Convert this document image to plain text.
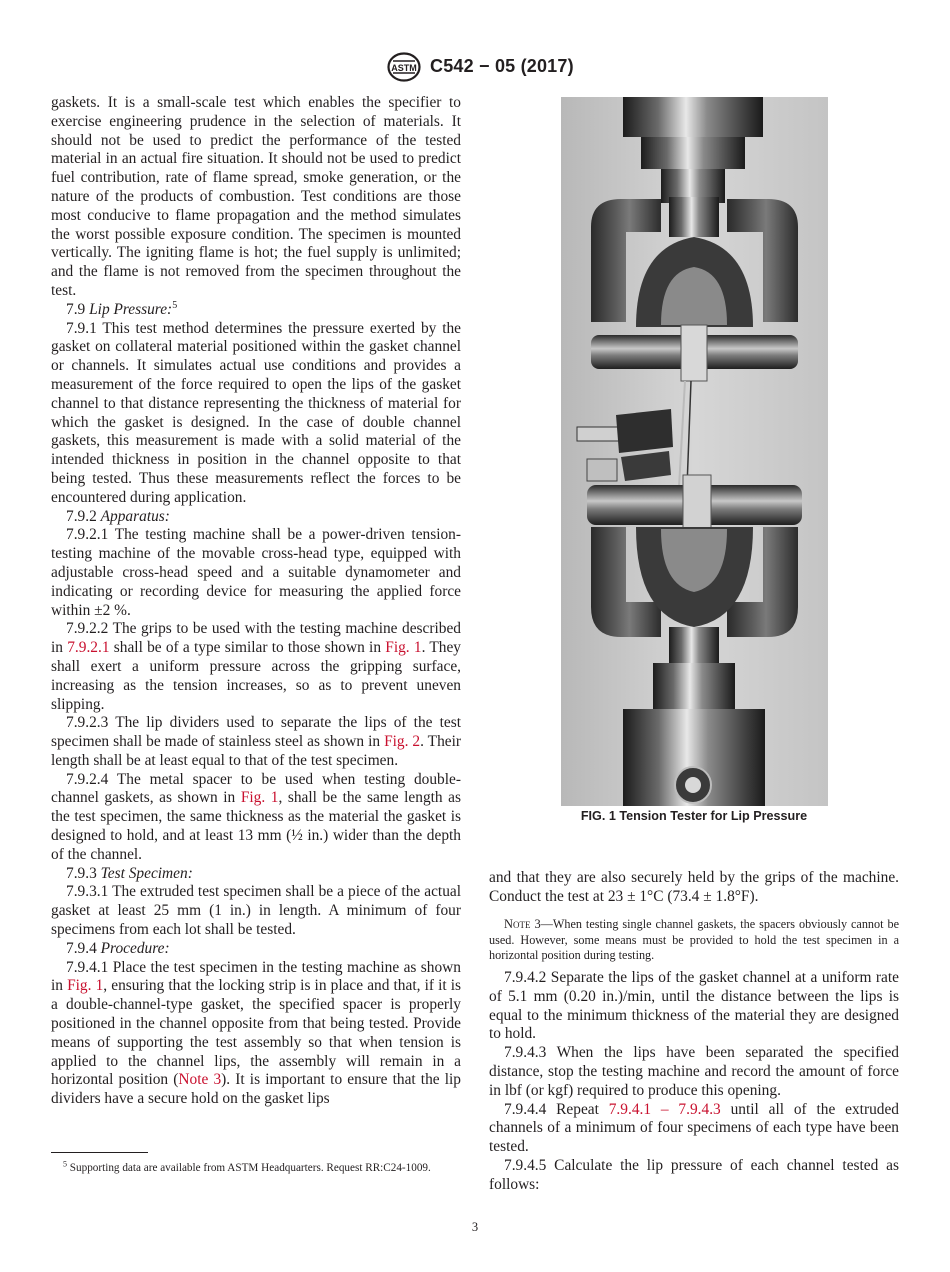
ASTM C542 − 05 (2017)

gaskets. It is a small-scale test which enables the specifier to exercise engineering prudence in the selection of materials. It should not be used to predict the performance of the tested material in an actual fire situation. It should not be used to predict fuel contribution, rate of flame spread, smoke generation, or the nature of the products of combustion. Test conditions are those most conducive to flame propagation and the method simulates the worst possible exposure condition. The specimen is mounted vertically. The igniting flame is hot; the fuel supply is unlimited; and the flame is not removed from the specimen throughout the test.

7.9 Lip Pressure:$^5$

7.9.1 This test method determines the pressure exerted by the gasket on collateral material positioned within the gasket channel or channels. It simulates actual use conditions and provides a measurement of the force required to open the lips of the gasket channel to that distance representing the thickness of material for which the gasket is designed. In the case of double channel gaskets, this measurement is made with a solid material of the intended thickness in position in the channel opposite to that being tested. Thus these measurements reflect the forces to be encountered during application.

7.9.2 Apparatus:

7.9.2.1 The testing machine shall be a power-driven tension-testing machine of the movable cross-head type, equipped with adjustable cross-head speed and a suitable dynamometer and indicating or recording device for measuring the applied force within ±2 %.

7.9.2.2 The grips to be used with the testing machine described in 7.9.2.1 shall be of a type similar to those shown in Fig. 1. They shall exert a uniform pressure across the gripping surface, increasing as the tension increases, so as to prevent uneven slipping.

7.9.2.3 The lip dividers used to separate the lips of the test specimen shall be made of stainless steel as shown in Fig. 2. Their length shall be at least equal to that of the test specimen.

7.9.2.4 The metal spacer to be used when testing double-channel gaskets, as shown in Fig. 1, shall be the same length as the test specimen, the same thickness as the material the gasket is designed to hold, and at least 13 mm (½ in.) wider than the depth of the channel.

7.9.3 Test Specimen:

7.9.3.1 The extruded test specimen shall be a piece of the actual gasket at least 25 mm (1 in.) in length. A minimum of four specimens from each lot shall be tested.

7.9.4 Procedure:

7.9.4.1 Place the test specimen in the testing machine as shown in Fig. 1, ensuring that the locking strip is in place and that, if it is a double-channel-type gasket, the specified spacer is properly positioned in the channel opposite from that being tested. Provide means of supporting the test assembly so that when tension is applied to the channel lips, the assembly will remain in a horizontal position (Note 3). It is important to ensure that the lip dividers have a secure hold on the gasket lips

FIG. 1 Tension Tester for Lip Pressure

and that they are also securely held by the grips of the machine. Conduct the test at 23 ± 1°C (73.4 ± 1.8°F).

Note 3—When testing single channel gaskets, the spacers obviously cannot be used. However, some means must be provided to hold the test specimen in a horizontal position during testing.

7.9.4.2 Separate the lips of the gasket channel at a uniform rate of 5.1 mm (0.20 in.)/min, until the distance between the lips is equal to the minimum thickness of the material they are designed to hold.

7.9.4.3 When the lips have been separated the specified distance, stop the testing machine and record the amount of force in lbf (or kgf) required to produce this opening.

7.9.4.4 Repeat 7.9.4.1 – 7.9.4.3 until all of the extruded channels of a minimum of four specimens of each type have been tested.

7.9.4.5 Calculate the lip pressure of each channel tested as follows:

$^5$ Supporting data are available from ASTM Headquarters. Request RR:C24-1009.
3
